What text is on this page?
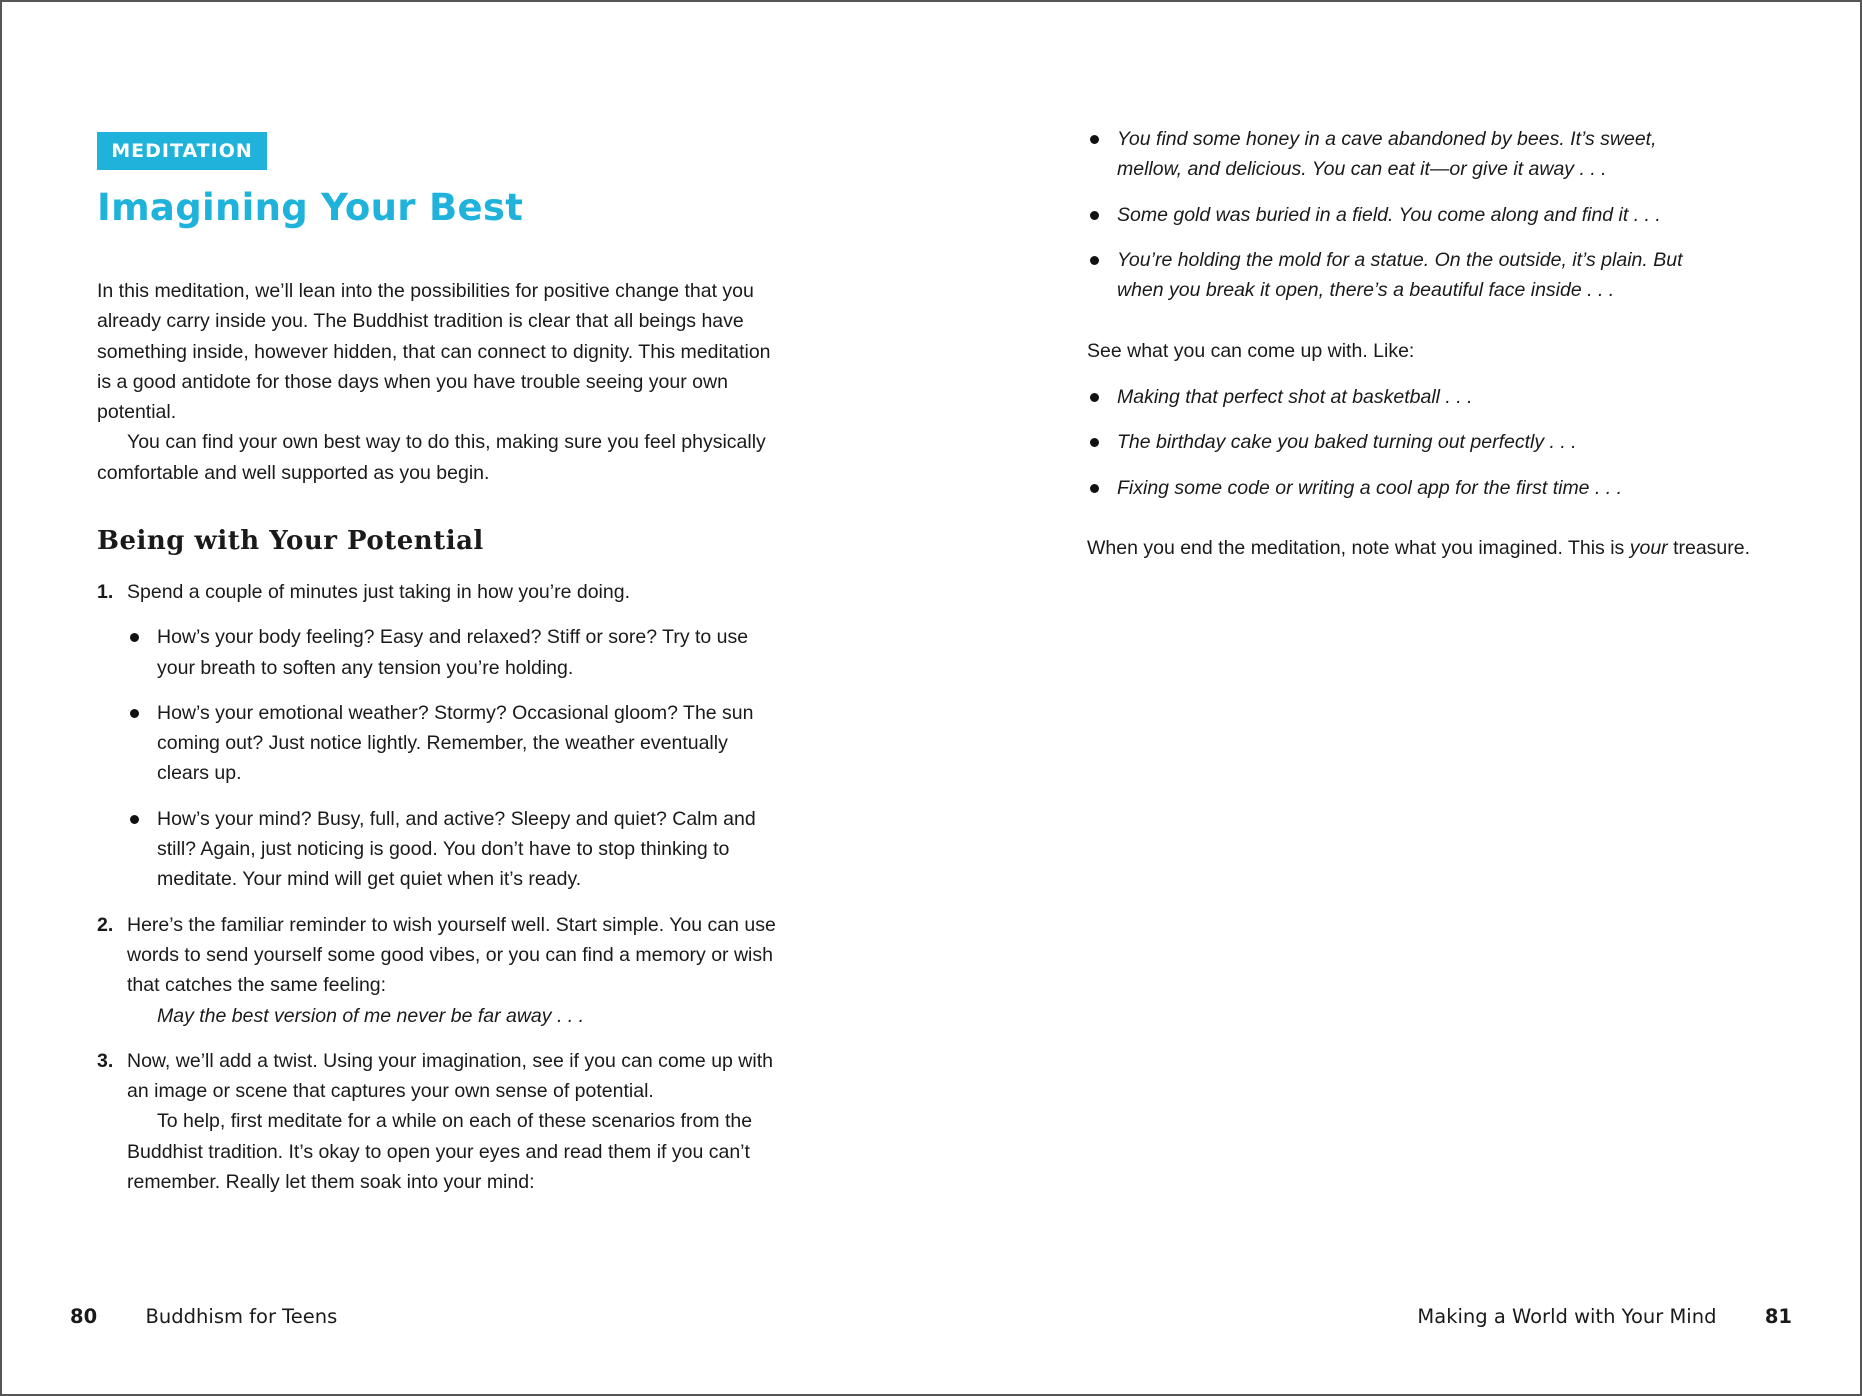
MEDITATION
Imagining Your Best

In this meditation, we’ll lean into the possibilities for positive change that you already carry inside you. The Buddhist tradition is clear that all beings have something inside, however hidden, that can connect to dignity. This meditation is a good antidote for those days when you have trouble seeing your own potential.

You can find your own best way to do this, making sure you feel physically comfortable and well supported as you begin.

Being with Your Potential
1. Spend a couple of minutes just taking in how you’re doing.
How’s your body feeling? Easy and relaxed? Stiff or sore? Try to use your breath to soften any tension you’re holding.
How’s your emotional weather? Stormy? Occasional gloom? The sun coming out? Just notice lightly. Remember, the weather eventually clears up.
How’s your mind? Busy, full, and active? Sleepy and quiet? Calm and still? Again, just noticing is good. You don’t have to stop thinking to meditate. Your mind will get quiet when it’s ready.
2. Here’s the familiar reminder to wish yourself well. Start simple. You can use words to send yourself some good vibes, or you can find a memory or wish that catches the same feeling:
May the best version of me never be far away . . .
3. Now, we’ll add a twist. Using your imagination, see if you can come up with an image or scene that captures your own sense of potential.
To help, first meditate for a while on each of these scenarios from the Buddhist tradition. It’s okay to open your eyes and read them if you can’t remember. Really let them soak into your mind:
80 Buddhism for Teens
You find some honey in a cave abandoned by bees. It’s sweet, mellow, and delicious. You can eat it—or give it away . . .
Some gold was buried in a field. You come along and find it . . .
You’re holding the mold for a statue. On the outside, it’s plain. But when you break it open, there’s a beautiful face inside . . .

See what you can come up with. Like:

Making that perfect shot at basketball . . .
The birthday cake you baked turning out perfectly . . .
Fixing some code or writing a cool app for the first time . . .

When you end the meditation, note what you imagined. This is your treasure.

Making a World with Your Mind 81
